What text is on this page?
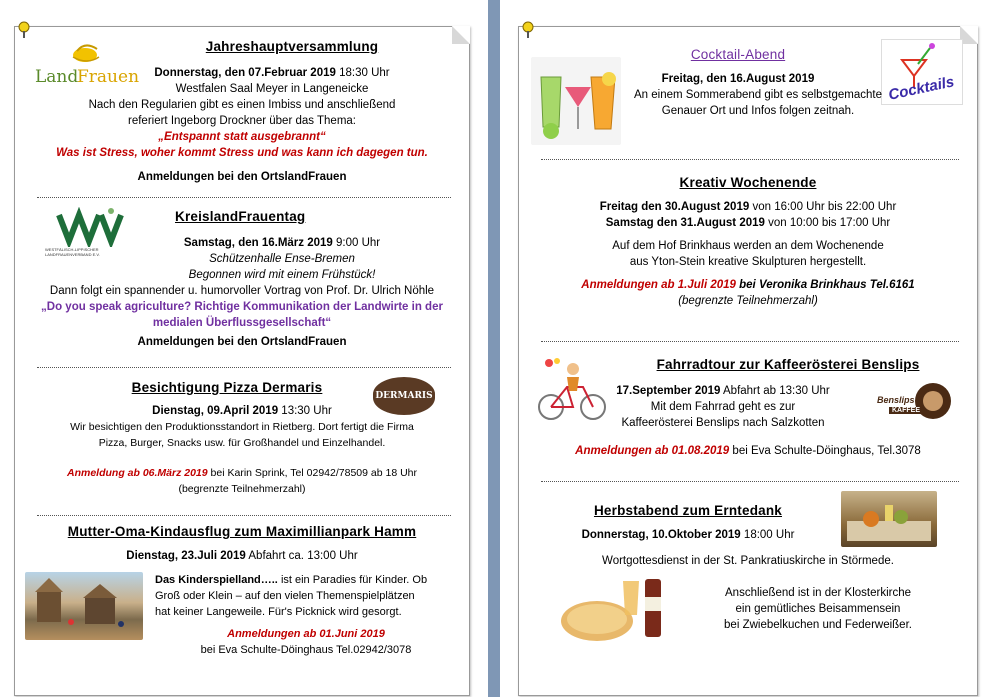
Land
Frauen

Jahreshauptversammlung

Donnerstag, den 07.Februar 2019 18:30 Uhr

Westfalen Saal Meyer in Langeneicke

Nach den Regularien gibt es einen Imbiss und anschließend

referiert Ingeborg Drockner über das Thema:

„Entspannt statt ausgebrannt“

Was ist Stress, woher kommt Stress und was kann ich dagegen tun.

Anmeldungen bei den OrtslandFrauen

WESTFÄLISCH-LIPPISCHER LANDFRAUENVERBAND E.V.

KreislandFrauentag

Samstag, den 16.März 2019 9:00 Uhr

Schützenhalle Ense-Bremen

Begonnen wird mit einem Frühstück!

Dann folgt ein spannender u. humorvoller Vortrag von Prof. Dr. Ulrich Nöhle

„Do you speak agriculture? Richtige Kommunikation der Landwirte in der

medialen Überflussgesellschaft“

Anmeldungen bei den OrtslandFrauen

DERMARIS

Besichtigung Pizza Dermaris

Dienstag, 09.April 2019 13:30 Uhr

Wir besichtigen den Produktionsstandort in Rietberg. Dort fertigt die Firma

Pizza, Burger, Snacks usw. für Großhandel und Einzelhandel.

Anmeldung ab 06.März 2019 bei Karin Sprink, Tel 02942/78509 ab 18 Uhr

(begrenzte Teilnehmerzahl)

Mutter-Oma-Kindausflug zum Maximillianpark Hamm

Dienstag, 23.Juli 2019 Abfahrt ca. 13:00 Uhr

Das Kinderspielland….. ist ein Paradies für Kinder. Ob

Groß oder Klein – auf den vielen Themenspielplätzen

hat keiner Langeweile. Für's Picknick wird gesorgt.

Anmeldungen ab 01.Juni 2019

bei Eva Schulte-Döinghaus Tel.02942/3078

Cocktails

Cocktail-Abend

Freitag, den 16.August 2019

An einem Sommerabend gibt es selbstgemachte

Genauer Ort und Infos folgen zeitnah.

Kreativ Wochenende

Freitag den 30.August 2019 von 16:00 Uhr bis 22:00 Uhr

Samstag den 31.August 2019 von 10:00 bis 17:00 Uhr

Auf dem Hof Brinkhaus werden an dem Wochenende

aus Yton-Stein kreative Skulpturen hergestellt.

Anmeldungen ab 1.Juli 2019 bei Veronika Brinkhaus Tel.6161

(begrenzte Teilnehmerzahl)

Benslips
KAFFEE

Fahrradtour zur Kaffeerösterei Benslips

17.September 2019 Abfahrt ab 13:30 Uhr

Mit dem Fahrrad geht es zur

Kaffeerösterei Benslips nach Salzkotten

Anmeldungen ab 01.08.2019 bei Eva Schulte-Döinghaus, Tel.3078

Herbstabend zum Erntedank

Donnerstag, 10.Oktober 2019 18:00 Uhr

Wortgottesdienst in der St. Pankratiuskirche in Störmede.

Anschließend ist in der Klosterkirche

ein gemütliches Beisammensein

bei Zwiebelkuchen und Federweißer.
